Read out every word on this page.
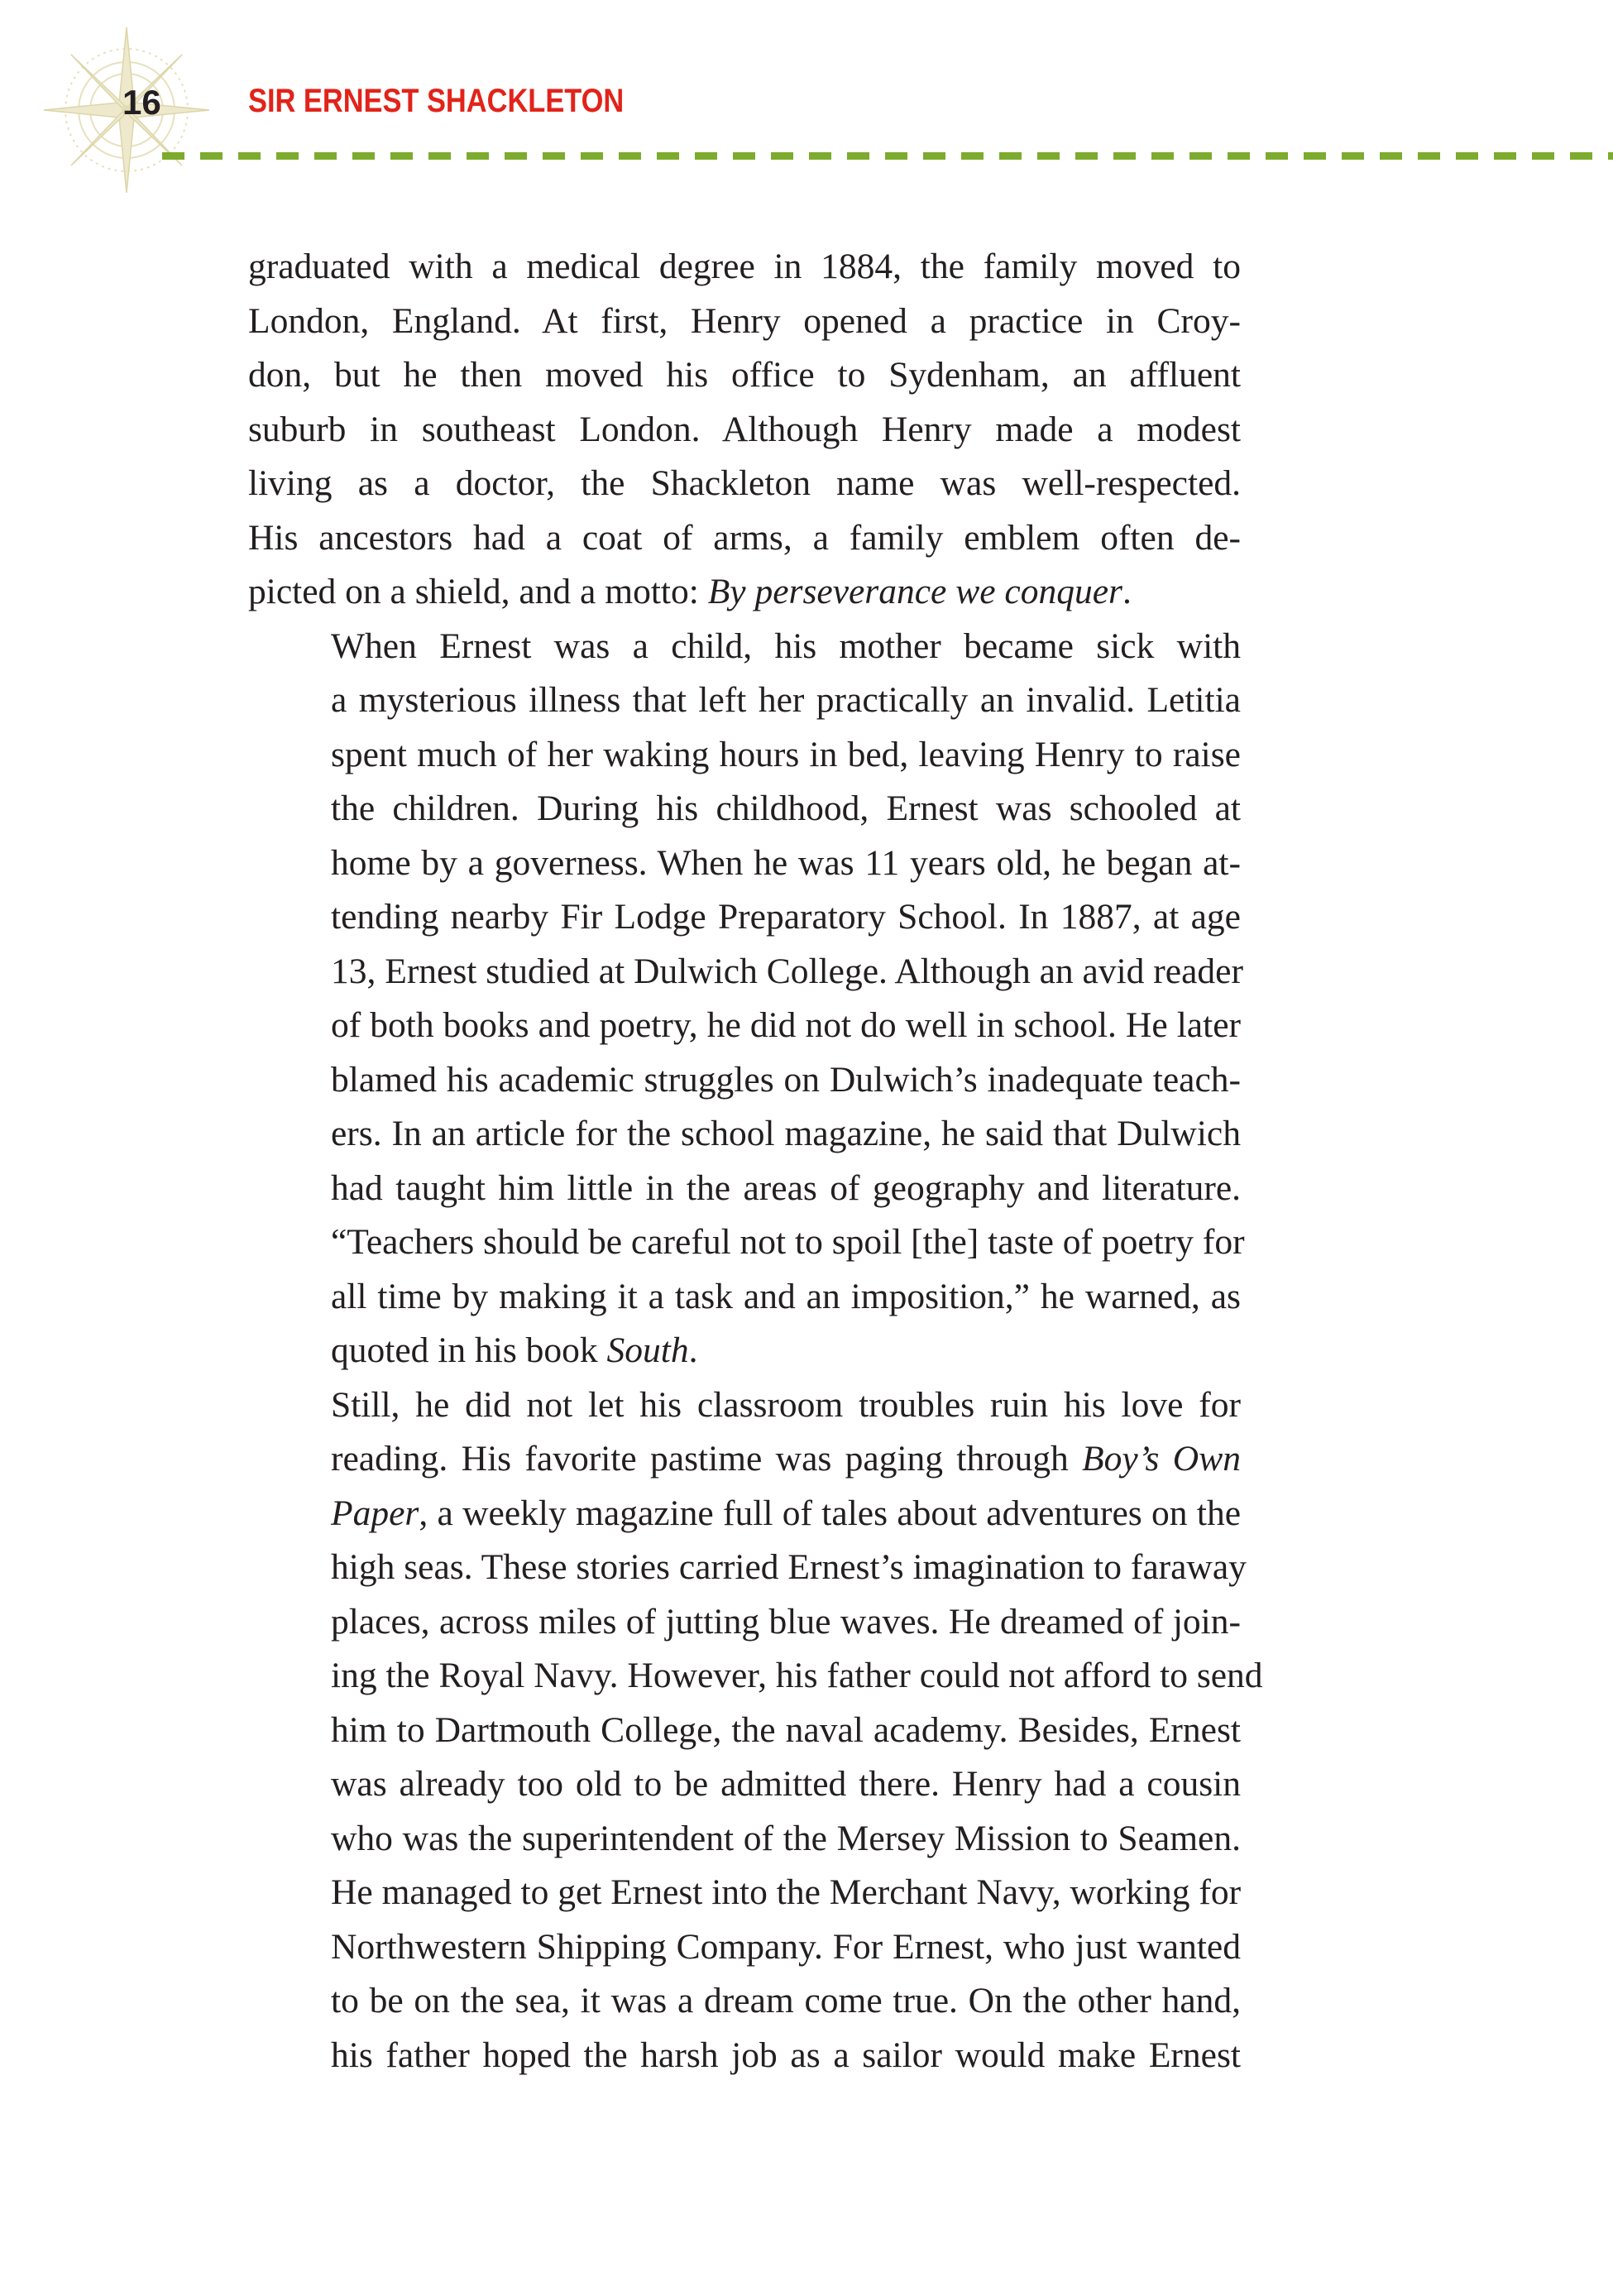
16	SIR ERNEST SHACKLETON

graduated with a medical degree in 1884, the family moved to
London, England. At first, Henry opened a practice in Croy-
don, but he then moved his office to Sydenham, an affluent
suburb in southeast London. Although Henry made a modest
living as a doctor, the Shackleton name was well-respected.
His ancestors had a coat of arms, a family emblem often de-
picted on a shield, and a motto: By perseverance we conquer.

When Ernest was a child, his mother became sick with
a mysterious illness that left her practically an invalid. Letitia
spent much of her waking hours in bed, leaving Henry to raise
the children. During his childhood, Ernest was schooled at
home by a governess. When he was 11 years old, he began at-
tending nearby Fir Lodge Preparatory School. In 1887, at age
13, Ernest studied at Dulwich College. Although an avid reader
of both books and poetry, he did not do well in school. He later
blamed his academic struggles on Dulwich’s inadequate teach-
ers. In an article for the school magazine, he said that Dulwich
had taught him little in the areas of geography and literature.
“Teachers should be careful not to spoil [the] taste of poetry for
all time by making it a task and an imposition,” he warned, as
quoted in his book South.

Still, he did not let his classroom troubles ruin his love for
reading. His favorite pastime was paging through Boy’s Own
Paper, a weekly magazine full of tales about adventures on the
high seas. These stories carried Ernest’s imagination to faraway
places, across miles of jutting blue waves. He dreamed of join-
ing the Royal Navy. However, his father could not afford to send
him to Dartmouth College, the naval academy. Besides, Ernest
was already too old to be admitted there. Henry had a cousin
who was the superintendent of the Mersey Mission to Seamen.
He managed to get Ernest into the Merchant Navy, working for
Northwestern Shipping Company. For Ernest, who just wanted
to be on the sea, it was a dream come true. On the other hand,
his father hoped the harsh job as a sailor would make Ernest
